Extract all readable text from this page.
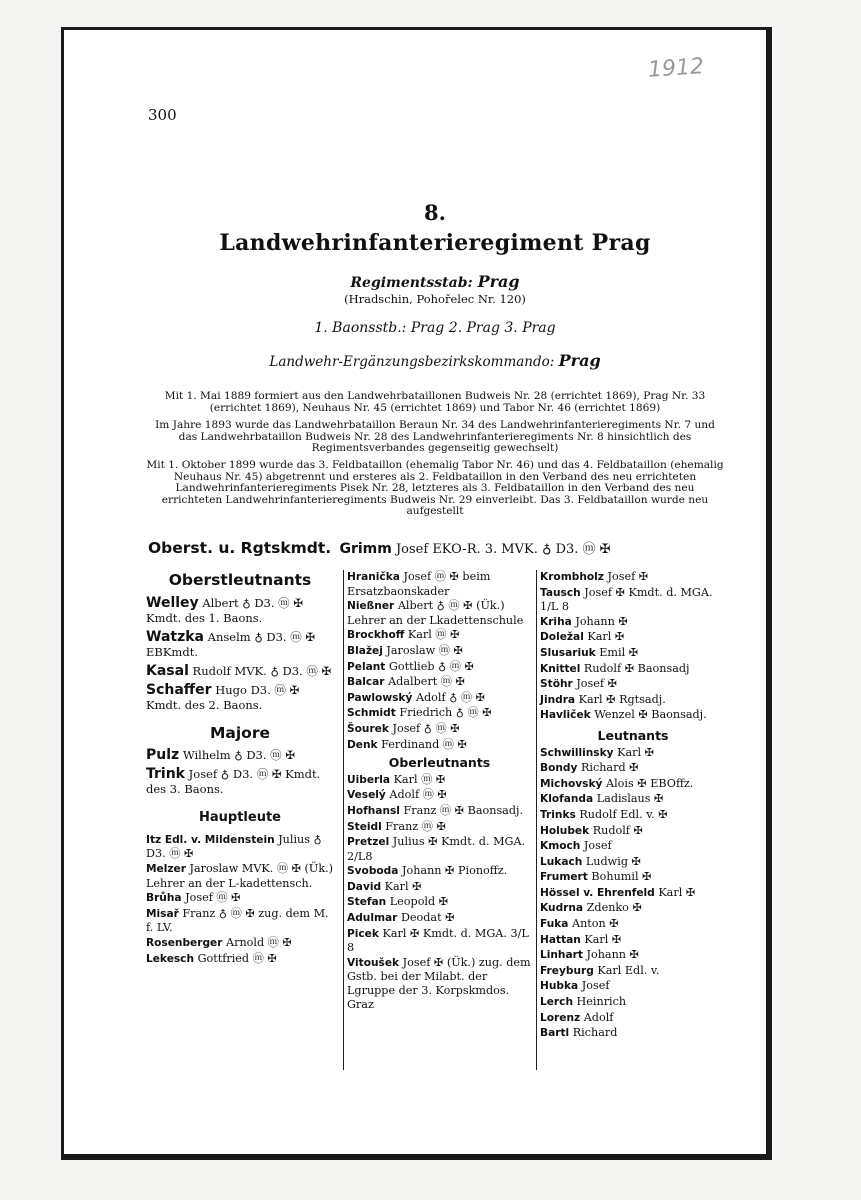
1912
300
8.
Landwehrinfanterieregiment Prag
Regimentsstab: Prag
(Hradschin, Pohořelec Nr. 120)
1. Baonsstb.: Prag 2. Prag 3. Prag
Landwehr-Ergänzungsbezirkskommando: Prag
Mit 1. Mai 1889 formiert aus den Landwehrbataillonen Budweis Nr. 28 (errichtet 1869), Prag Nr. 33 (errichtet 1869), Neuhaus Nr. 45 (errichtet 1869) und Tabor Nr. 46 (errichtet 1869)
Im Jahre 1893 wurde das Landwehrbataillon Beraun Nr. 34 des Landwehrinfanterieregiments Nr. 7 und das Landwehrbataillon Budweis Nr. 28 des Landwehrinfanterieregiments Nr. 8 hinsichtlich des Regimentsverbandes gegenseitig gewechselt)
Mit 1. Oktober 1899 wurde das 3. Feldbataillon (ehemalig Tabor Nr. 46) und das 4. Feldbataillon (ehemalig Neuhaus Nr. 45) abgetrennt und ersteres als 2. Feldbataillon in den Verband des neu errichteten Landwehrinfanterieregiments Pisek Nr. 28, letzteres als 3. Feldbataillon in den Verband des neu errichteten Landwehrinfanterieregiments Budweis Nr. 29 einverleibt. Das 3. Feldbataillon wurde neu aufgestellt
Oberst. u. Rgtskmdt. Grimm Josef EKO-R. 3. MVK. ♁ D3. ⓜ ✠
Oberstleutnants
Welley Albert ♁ D3. ⓜ ✠ Kmdt. des 1. Baons.
Watzka Anselm ♁ D3. ⓜ ✠ EBKmdt.
Kasal Rudolf MVK. ♁ D3. ⓜ ✠
Schaffer Hugo D3. ⓜ ✠ Kmdt. des 2. Baons.
Majore
Pulz Wilhelm ♁ D3. ⓜ ✠
Trink Josef ♁ D3. ⓜ ✠ Kmdt. des 3. Baons.
Hauptleute
Itz Edl. v. Mildenstein Julius ♁ D3. ⓜ ✠
Melzer Jaroslaw MVK. ⓜ ✠ (Ük.) Lehrer an der L-kadettensch.
Brůha Josef ⓜ ✠
Misař Franz ♁ ⓜ ✠ zug. dem M. f. LV.
Rosenberger Arnold ⓜ ✠
Lekesch Gottfried ⓜ ✠
Hranička Josef ⓜ ✠ beim Ersatzbaonskader
Nießner Albert ♁ ⓜ ✠ (Ük.) Lehrer an der Lkadettenschule
Brockhoff Karl ⓜ ✠
Blažej Jaroslaw ⓜ ✠
Pelant Gottlieb ♁ ⓜ ✠
Balcar Adalbert ⓜ ✠
Pawlowský Adolf ♁ ⓜ ✠
Schmidt Friedrich ♁ ⓜ ✠
Šourek Josef ♁ ⓜ ✠
Denk Ferdinand ⓜ ✠
Oberleutnants
Uiberla Karl ⓜ ✠
Veselý Adolf ⓜ ✠
Hofhansl Franz ⓜ ✠ Baonsadj.
Steidl Franz ⓜ ✠
Pretzel Julius ✠ Kmdt. d. MGA. 2/L8
Svoboda Johann ✠ Pionoffz.
David Karl ✠
Stefan Leopold ✠
Adulmar Deodat ✠
Picek Karl ✠ Kmdt. d. MGA. 3/L 8
Vitoušek Josef ✠ (Ük.) zug. dem Gstb. bei der Milabt. der Lgruppe der 3. Korpskmdos. Graz
Krombholz Josef ✠
Tausch Josef ✠ Kmdt. d. MGA. 1/L 8
Kriha Johann ✠
Doležal Karl ✠
Slusariuk Emil ✠
Knittel Rudolf ✠ Baonsadj
Stöhr Josef ✠
Jindra Karl ✠ Rgtsadj.
Havliček Wenzel ✠ Baonsadj.
Leutnants
Schwillinsky Karl ✠
Bondy Richard ✠
Michovský Alois ✠ EBOffz.
Klofanda Ladislaus ✠
Trinks Rudolf Edl. v. ✠
Holubek Rudolf ✠
Kmoch Josef
Lukach Ludwig ✠
Frumert Bohumil ✠
Hössel v. Ehrenfeld Karl ✠
Kudrna Zdenko ✠
Fuka Anton ✠
Hattan Karl ✠
Linhart Johann ✠
Freyburg Karl Edl. v.
Hubka Josef
Lerch Heinrich
Lorenz Adolf
Bartl Richard
